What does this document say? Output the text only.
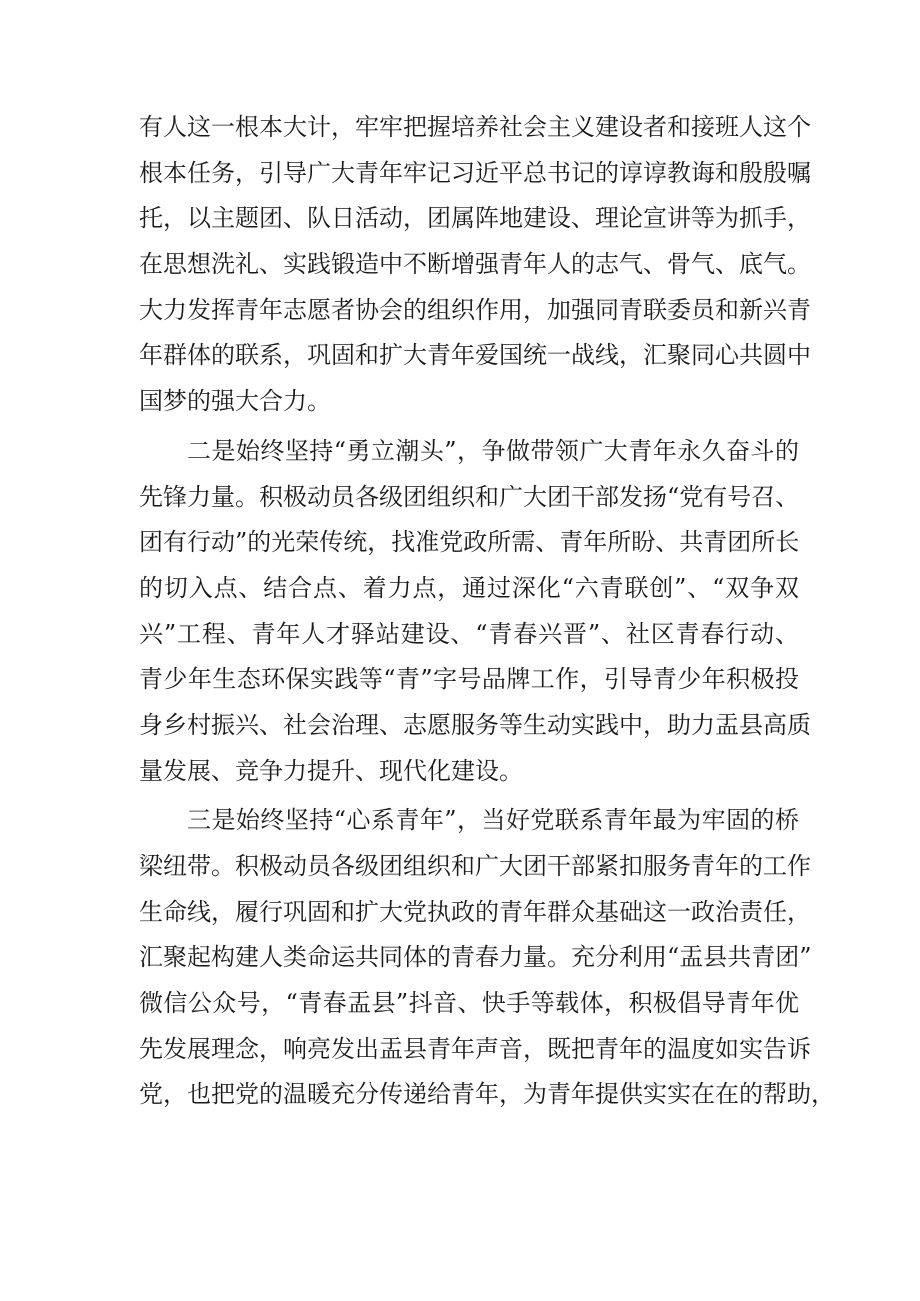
有人这一根本大计，牢牢把握培养社会主义建设者和接班人这个
根本任务，引导广大青年牢记习近平总书记的谆谆教诲和殷殷嘱
托，以主题团、队日活动，团属阵地建设、理论宣讲等为抓手，
在思想洗礼、实践锻造中不断增强青年人的志气、骨气、底气。
大力发挥青年志愿者协会的组织作用，加强同青联委员和新兴青
年群体的联系，巩固和扩大青年爱国统一战线，汇聚同心共圆中
国梦的强大合力。
二是始终坚持“勇立潮头”，争做带领广大青年永久奋斗的
先锋力量。积极动员各级团组织和广大团干部发扬“党有号召、
团有行动”的光荣传统，找准党政所需、青年所盼、共青团所长
的切入点、结合点、着力点，通过深化“六青联创”、“双争双
兴”工程、青年人才驿站建设、“青春兴晋”、社区青春行动、
青少年生态环保实践等“青”字号品牌工作，引导青少年积极投
身乡村振兴、社会治理、志愿服务等生动实践中，助力盂县高质
量发展、竞争力提升、现代化建设。
三是始终坚持“心系青年”，当好党联系青年最为牢固的桥
梁纽带。积极动员各级团组织和广大团干部紧扣服务青年的工作
生命线，履行巩固和扩大党执政的青年群众基础这一政治责任，
汇聚起构建人类命运共同体的青春力量。充分利用“盂县共青团”
微信公众号，“青春盂县”抖音、快手等载体，积极倡导青年优
先发展理念，响亮发出盂县青年声音，既把青年的温度如实告诉
党，也把党的温暖充分传递给青年，为青年提供实实在在的帮助，
